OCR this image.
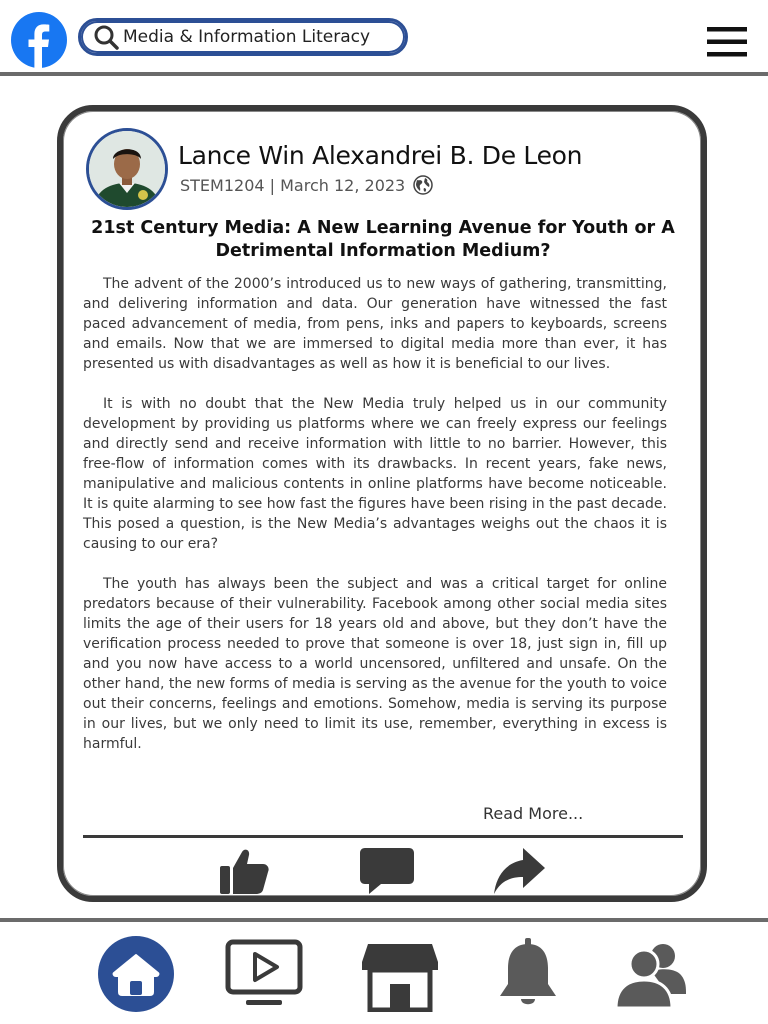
Media & Information Literacy
Lance Win Alexandrei B. De Leon
STEM1204 | March 12, 2023
21st Century Media: A New Learning Avenue for Youth or A Detrimental Information Medium?

The advent of the 2000’s introduced us to new ways of gathering, transmitting, and delivering information and data. Our generation have witnessed the fast paced advancement of media, from pens, inks and papers to keyboards, screens and emails. Now that we are immersed to digital media more than ever, it has presented us with disadvantages as well as how it is beneficial to our lives.

It is with no doubt that the New Media truly helped us in our community development by providing us platforms where we can freely express our feelings and directly send and receive information with little to no barrier. However, this free-flow of information comes with its drawbacks. In recent years, fake news, manipulative and malicious contents in online platforms have become noticeable. It is quite alarming to see how fast the figures have been rising in the past decade. This posed a question, is the New Media’s advantages weighs out the chaos it is causing to our era?

The youth has always been the subject and was a critical target for online predators because of their vulnerability. Facebook among other social media sites limits the age of their users for 18 years old and above, but they don’t have the verification process needed to prove that someone is over 18, just sign in, fill up and you now have access to a world uncensored, unfiltered and unsafe. On the other hand, the new forms of media is serving as the avenue for the youth to voice out their concerns, feelings and emotions. Somehow, media is serving its purpose in our lives, but we only need to limit its use, remember, everything in excess is harmful.

Read More...
